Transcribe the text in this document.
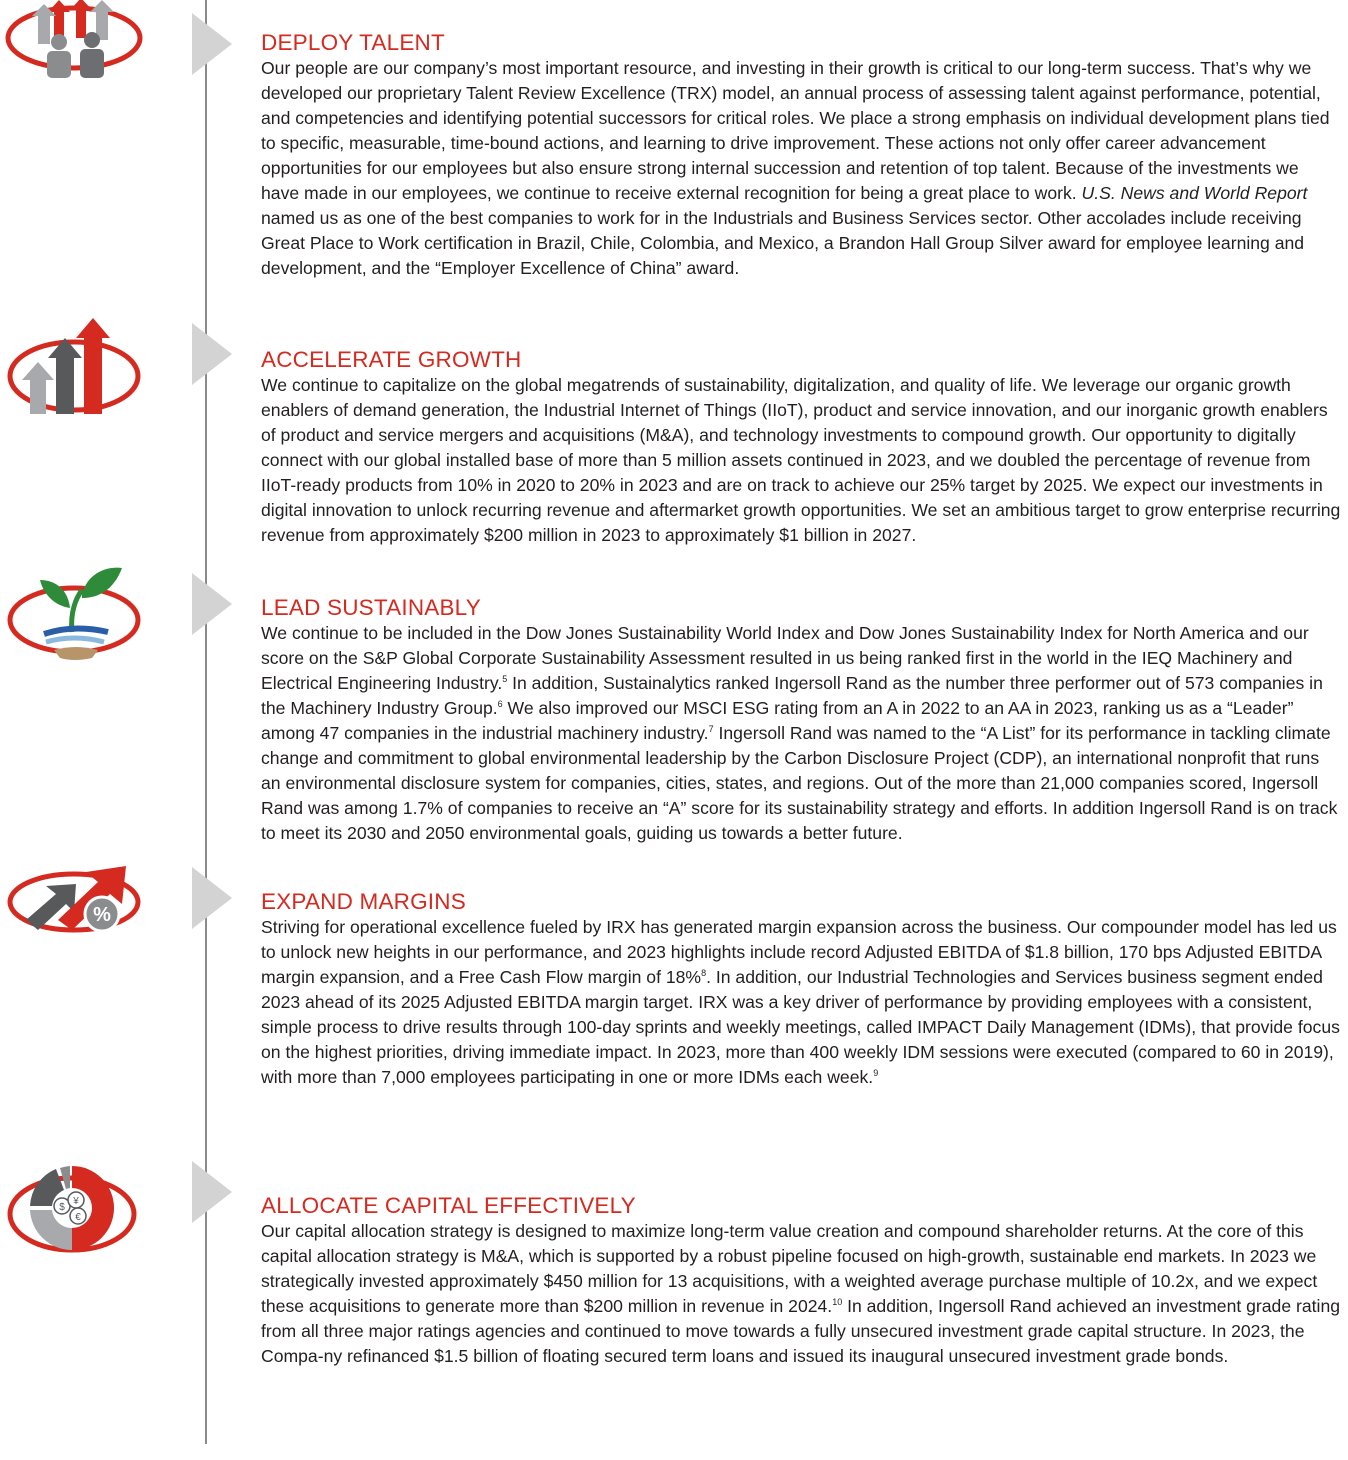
%
$
¥
€
DEPLOY TALENT

Our people are our company’s most important resource, and investing in their growth is critical to our long-term success. That’s why we developed our proprietary Talent Review Excellence (TRX) model, an annual process of assessing talent against performance, potential, and competencies and identifying potential successors for critical roles. We place a strong emphasis on individual development plans tied to specific, measurable, time-bound actions, and learning to drive improvement. These actions not only offer career advancement opportunities for our employees but also ensure strong internal succession and retention of top talent. Because of the investments we have made in our employees, we continue to receive external recognition for being a great place to work. U.S. News and World Report named us as one of the best companies to work for in the Industrials and Business Services sector. Other accolades include receiving Great Place to Work certification in Brazil, Chile, Colombia, and Mexico, a Brandon Hall Group Silver award for employee learning and development, and the “Employer Excellence of China” award.

ACCELERATE GROWTH

We continue to capitalize on the global megatrends of sustainability, digitalization, and quality of life. We leverage our organic growth enablers of demand generation, the Industrial Internet of Things (IIoT), product and service innovation, and our inorganic growth enablers of product and service mergers and acquisitions (M&A), and technology investments to compound growth. Our opportunity to digitally connect with our global installed base of more than 5 million assets continued in 2023, and we doubled the percentage of revenue from IIoT-ready products from 10% in 2020 to 20% in 2023 and are on track to achieve our 25% target by 2025. We expect our investments in digital innovation to unlock recurring revenue and aftermarket growth opportunities. We set an ambitious target to grow enterprise recurring revenue from approximately $200 million in 2023 to approximately $1 billion in 2027.

LEAD SUSTAINABLY

We continue to be included in the Dow Jones Sustainability World Index and Dow Jones Sustainability Index for North America and our score on the S&P Global Corporate Sustainability Assessment resulted in us being ranked first in the world in the IEQ Machinery and Electrical Engineering Industry.$^5$ In addition, Sustainalytics ranked Ingersoll Rand as the number three performer out of 573 companies in the Machinery Industry Group.$^6$ We also improved our MSCI ESG rating from an A in 2022 to an AA in 2023, ranking us as a “Leader” among 47 companies in the industrial machinery industry.$^7$ Ingersoll Rand was named to the “A List” for its performance in tackling climate change and commitment to global environmental leadership by the Carbon Disclosure Project (CDP), an international nonprofit that runs an environmental disclosure system for companies, cities, states, and regions. Out of the more than 21,000 companies scored, Ingersoll Rand was among 1.7% of companies to receive an “A” score for its sustainability strategy and efforts. In addition Ingersoll Rand is on track to meet its 2030 and 2050 environmental goals, guiding us towards a better future.

EXPAND MARGINS

Striving for operational excellence fueled by IRX has generated margin expansion across the business. Our compounder model has led us to unlock new heights in our performance, and 2023 highlights include record Adjusted EBITDA of $1.8 billion, 170 bps Adjusted EBITDA margin expansion, and a Free Cash Flow margin of 18%$^8$. In addition, our Industrial Technologies and Services business segment ended 2023 ahead of its 2025 Adjusted EBITDA margin target. IRX was a key driver of performance by providing employees with a consistent, simple process to drive results through 100-day sprints and weekly meetings, called IMPACT Daily Management (IDMs), that provide focus on the highest priorities, driving immediate impact. In 2023, more than 400 weekly IDM sessions were executed (compared to 60 in 2019), with more than 7,000 employees participating in one or more IDMs each week.$^9$

ALLOCATE CAPITAL EFFECTIVELY

Our capital allocation strategy is designed to maximize long-term value creation and compound shareholder returns. At the core of this capital allocation strategy is M&A, which is supported by a robust pipeline focused on high-growth, sustainable end markets. In 2023 we strategically invested approximately $450 million for 13 acquisitions, with a weighted average purchase multiple of 10.2x, and we expect these acquisitions to generate more than $200 million in revenue in 2024.10 In addition, Ingersoll Rand achieved an investment grade rating from all three major ratings agencies and continued to move towards a fully unsecured investment grade capital structure. In 2023, the Compa-ny refinanced $1.5 billion of floating secured term loans and issued its inaugural unsecured investment grade bonds.
